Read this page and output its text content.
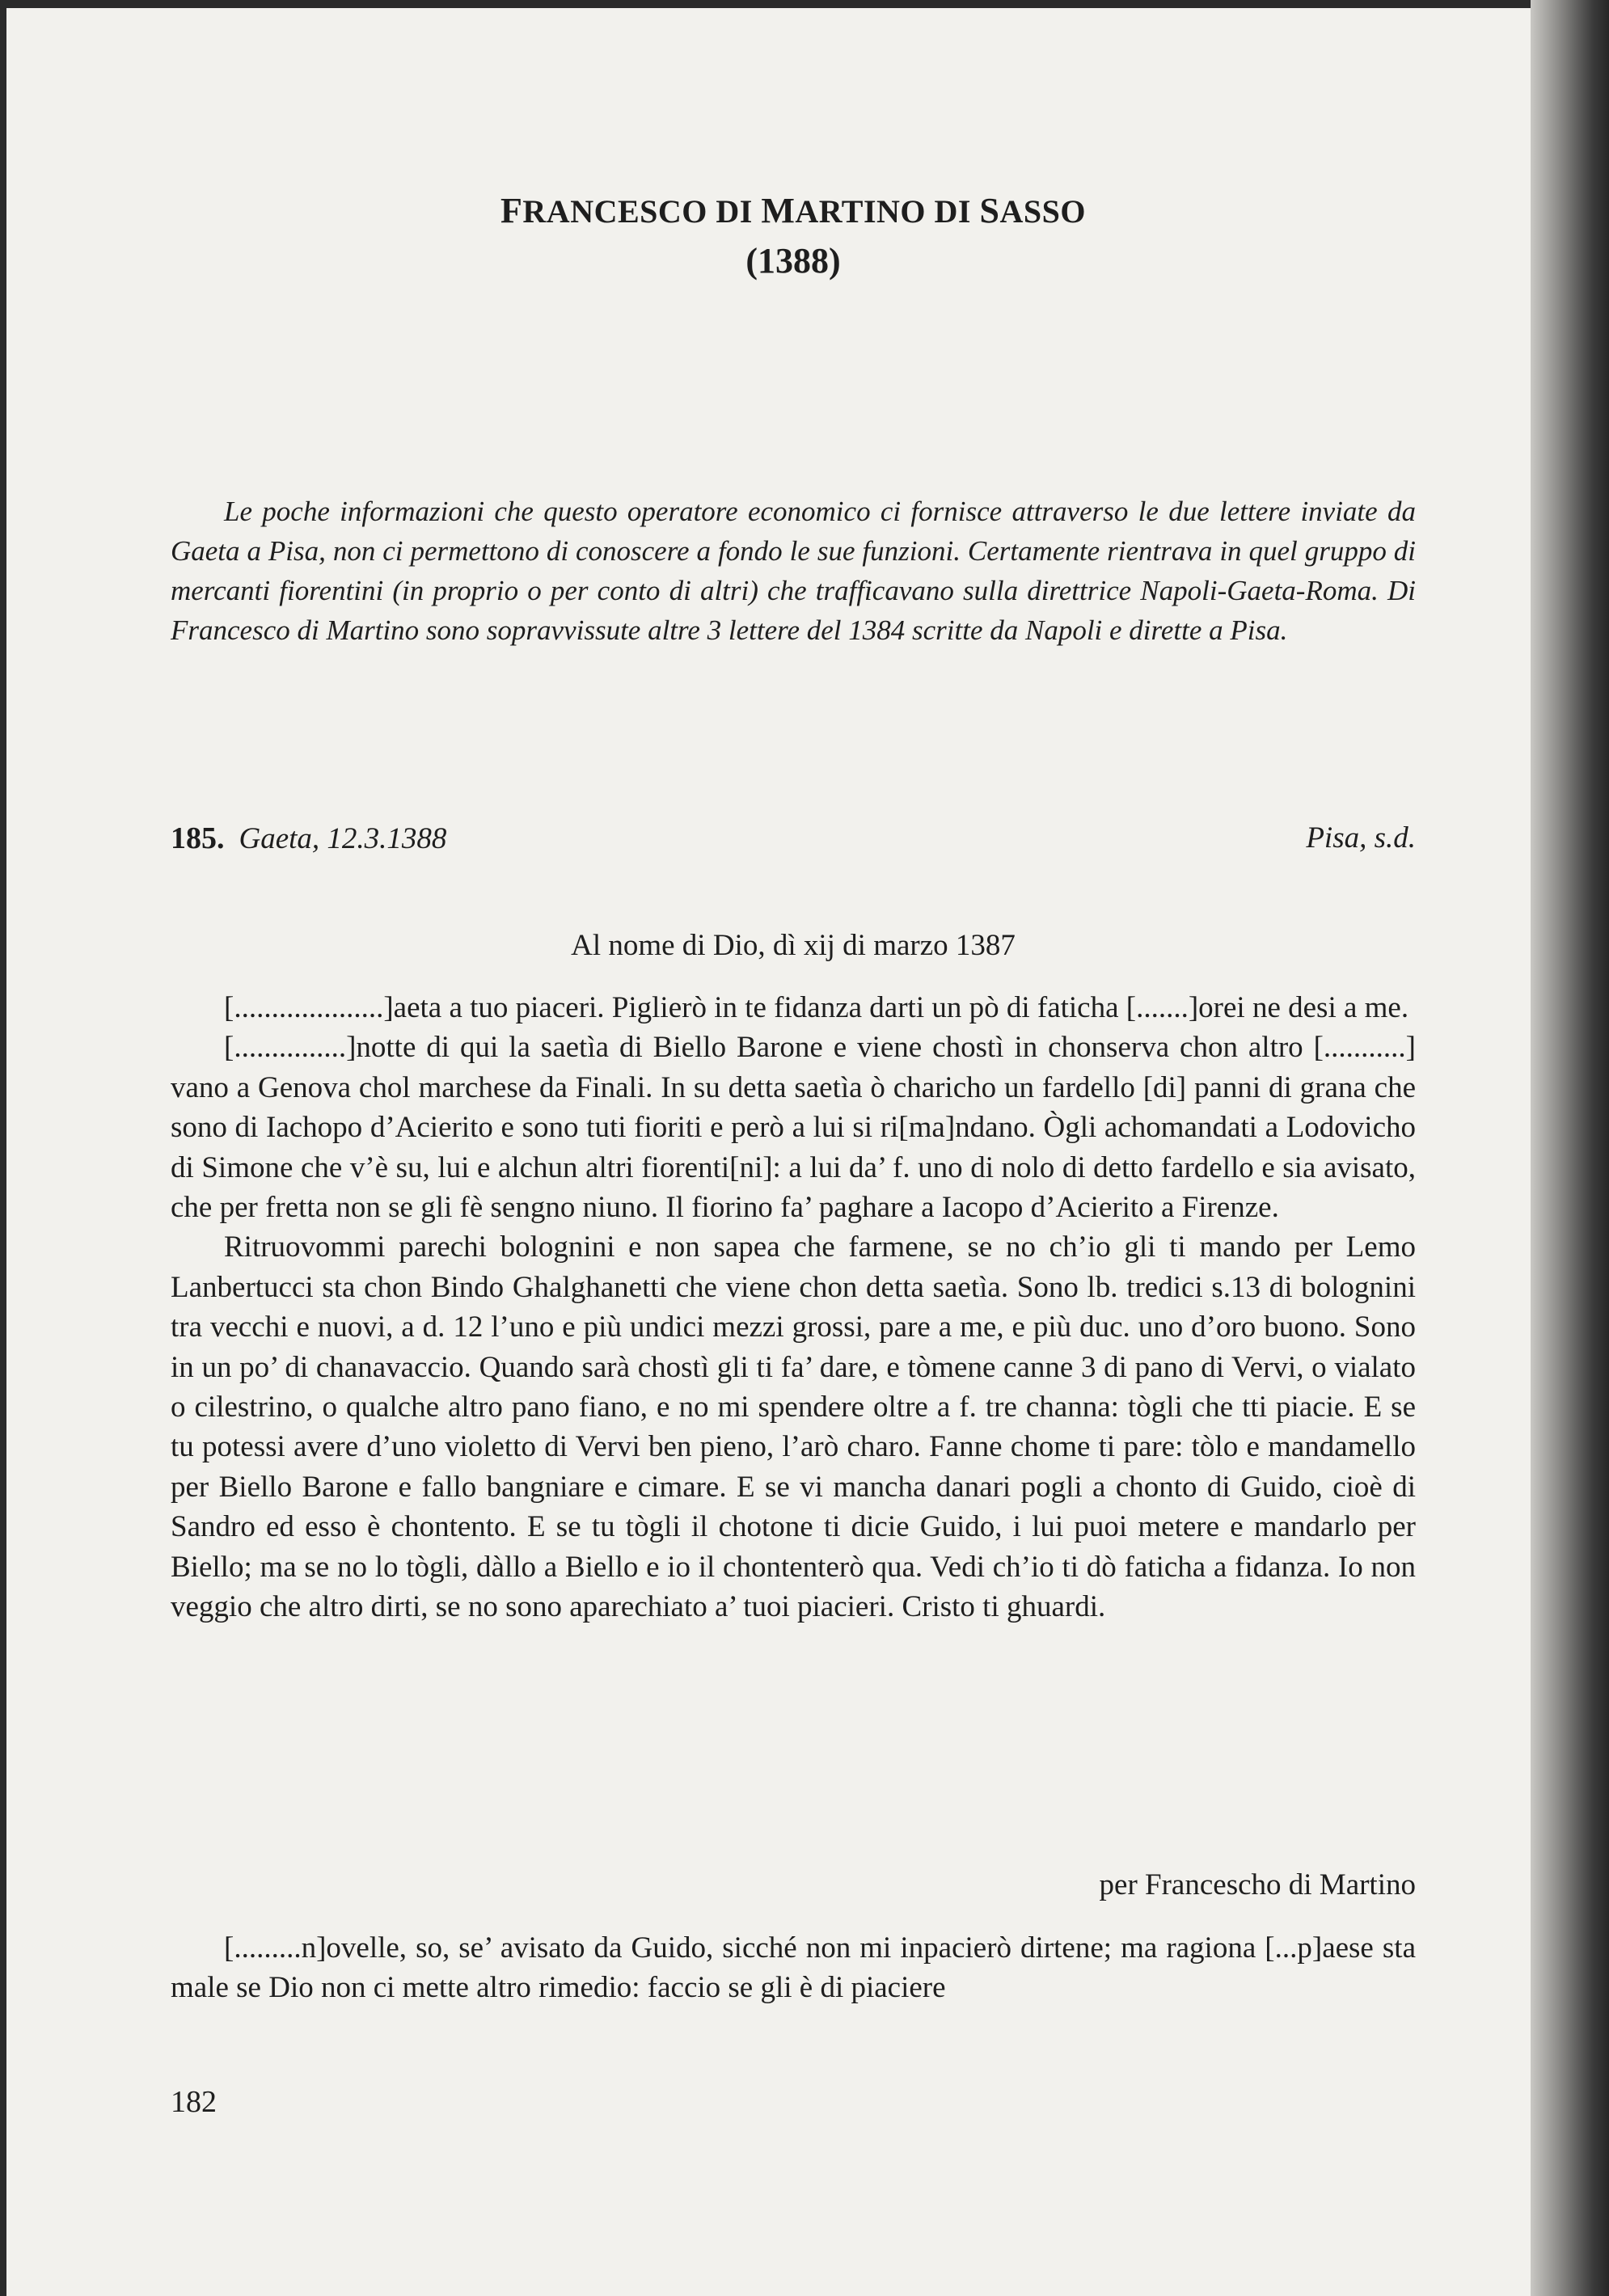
FRANCESCO DI MARTINO DI SASSO
(1388)
Le poche informazioni che questo operatore economico ci fornisce attraverso le due lettere inviate da Gaeta a Pisa, non ci permettono di conoscere a fondo le sue funzioni. Certamente rientrava in quel gruppo di mercanti fiorentini (in proprio o per conto di altri) che trafficavano sulla direttrice Napoli-Gaeta-Roma. Di Francesco di Martino sono sopravvissute altre 3 lettere del 1384 scritte da Napoli e dirette a Pisa.
185. Gaeta, 12.3.1388	Pisa, s.d.
Al nome di Dio, dì xij di marzo 1387

[....................]aeta a tuo piaceri. Piglierò in te fidanza darti un pò di faticha [.......]orei ne desi a me.

[...............]notte di qui la saetìa di Biello Barone e viene chostì in chonserva chon altro [...........] vano a Genova chol marchese da Finali. In su detta saetìa ò charicho un fardello [di] panni di grana che sono di Iachopo d’Acierito e sono tuti fioriti e però a lui si ri[ma]ndano. Ògli achomandati a Lodovicho di Simone che v’è su, lui e alchun altri fiorenti[ni]: a lui da’ f. uno di nolo di detto fardello e sia avisato, che per fretta non se gli fè sengno niuno. Il fiorino fa’ paghare a Iacopo d’Acierito a Firenze.

Ritruovommi parechi bolognini e non sapea che farmene, se no ch’io gli ti mando per Lemo Lanbertucci sta chon Bindo Ghalghanetti che viene chon detta saetìa. Sono lb. tredici s.13 di bolognini tra vecchi e nuovi, a d. 12 l’uno e più undici mezzi grossi, pare a me, e più duc. uno d’oro buono. Sono in un po’ di chanavaccio. Quando sarà chostì gli ti fa’ dare, e tòmene canne 3 di pano di Vervi, o vialato o cilestrino, o qualche altro pano fiano, e no mi spendere oltre a f. tre channa: tògli che tti piacie. E se tu potessi avere d’uno violetto di Vervi ben pieno, l’arò charo. Fanne chome ti pare: tòlo e mandamello per Biello Barone e fallo bangniare e cimare. E se vi mancha danari pogli a chonto di Guido, cioè di Sandro ed esso è chontento. E se tu tògli il chotone ti dicie Guido, i lui puoi metere e mandarlo per Biello; ma se no lo tògli, dàllo a Biello e io il chontenterò qua. Vedi ch’io ti dò faticha a fidanza. Io non veggio che altro dirti, se no sono aparechiato a’ tuoi piacieri. Cristo ti ghuardi.

per Francescho di Martino
[.........n]ovelle, so, se’ avisato da Guido, sicché non mi inpacierò dirtene; ma ragiona [...p]aese sta male se Dio non ci mette altro rimedio: faccio se gli è di piaciere
182
